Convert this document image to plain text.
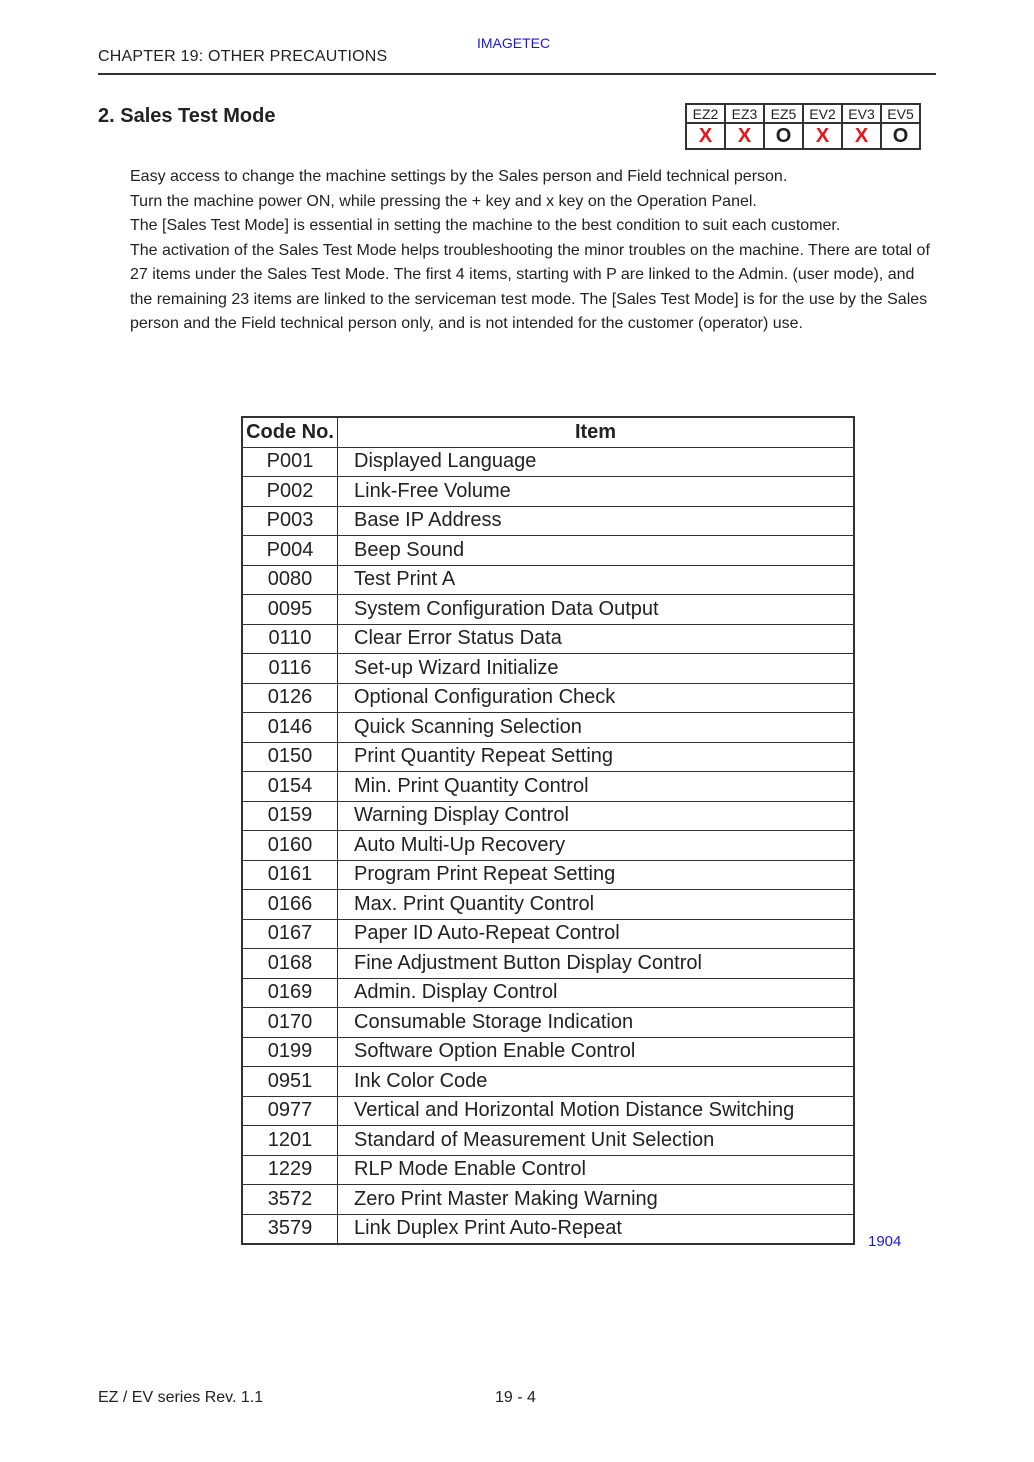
IMAGETEC
CHAPTER 19: OTHER PRECAUTIONS
2. Sales Test Mode	EZ2	EZ3	EZ5	EV2	EV3	EV5
X	X	O	X	X	O

Easy access to change the machine settings by the Sales person and Field technical person.

Turn the machine power ON, while pressing the + key and x key on the Operation Panel.

The [Sales Test Mode] is essential in setting the machine to the best condition to suit each customer.

The activation of the Sales Test Mode helps troubleshooting the minor troubles on the machine. There are total of 27 items under the Sales Test Mode. The first 4 items, starting with P are linked to the Admin. (user mode), and the remaining 23 items are linked to the serviceman test mode. The [Sales Test Mode] is for the use by the Sales person and the Field technical person only, and is not intended for the customer (operator) use.

Code No.	Item
P001	Displayed Language
P002	Link-Free Volume
P003	Base IP Address
P004	Beep Sound
0080	Test Print A
0095	System Configuration Data Output
0110	Clear Error Status Data
0116	Set-up Wizard Initialize
0126	Optional Configuration Check
0146	Quick Scanning Selection
0150	Print Quantity Repeat Setting
0154	Min. Print Quantity Control
0159	Warning Display Control
0160	Auto Multi-Up Recovery
0161	Program Print Repeat Setting
0166	Max. Print Quantity Control
0167	Paper ID Auto-Repeat Control
0168	Fine Adjustment Button Display Control
0169	Admin. Display Control
0170	Consumable Storage Indication
0199	Software Option Enable Control
0951	Ink Color Code
0977	Vertical and Horizontal Motion Distance Switching
1201	Standard of Measurement Unit Selection
1229	RLP Mode Enable Control
3572	Zero Print Master Making Warning
3579	Link Duplex Print Auto-Repeat
1904
EZ / EV series Rev. 1.1	19 - 4
